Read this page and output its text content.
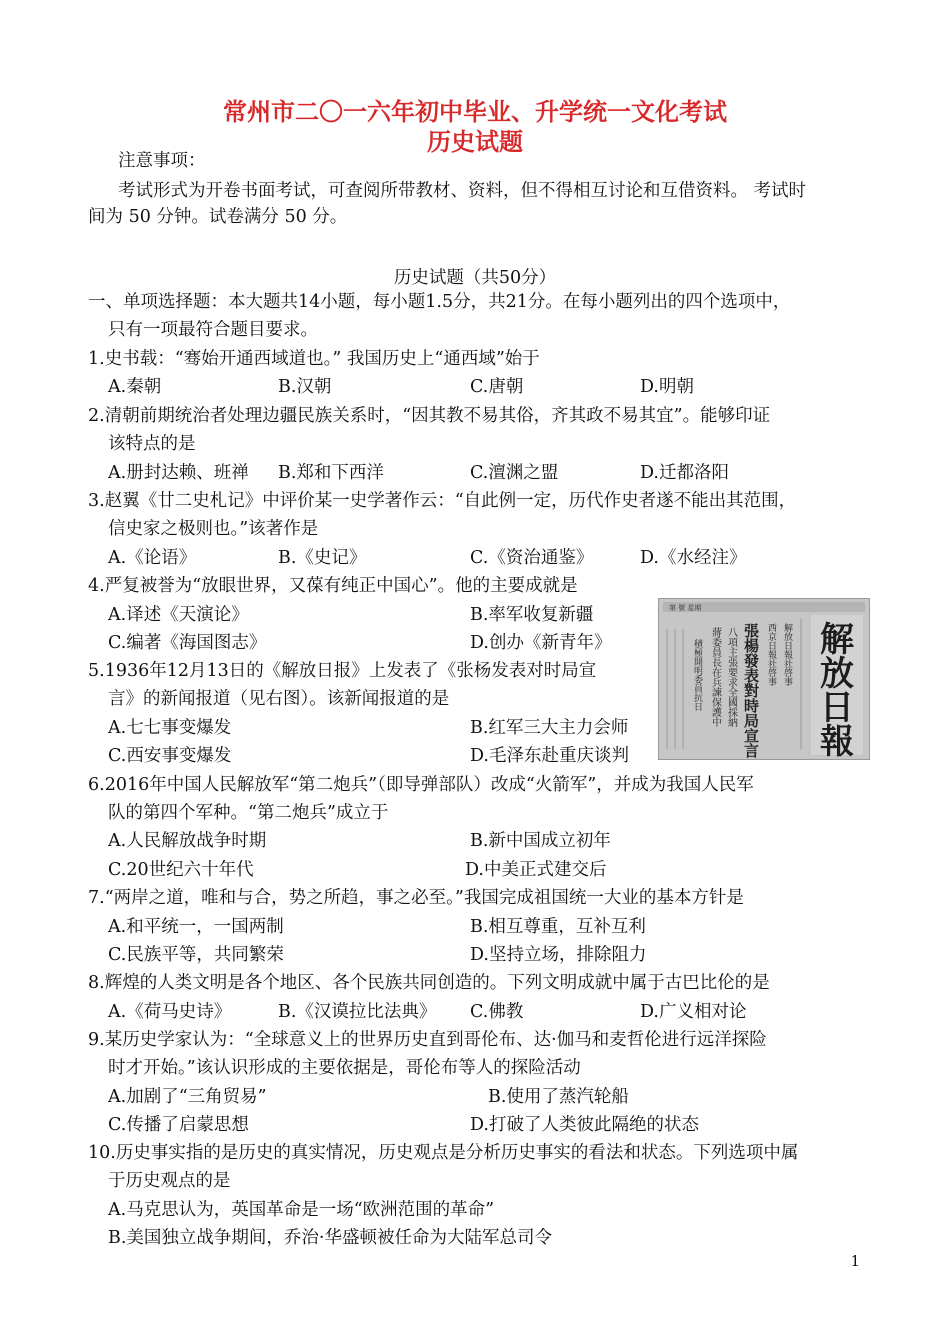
常州市二〇一六年初中毕业、升学统一文化考试
历史试题
注意事项：
考试形式为开卷书面考试，可查阅所带教材、资料，但不得相互讨论和互借资料。 考试时
间为 50 分钟。试卷满分 50 分。
历史试题（共50分）
一、单项选择题：本大题共14小题，每小题1.5分，共21分。在每小题列出的四个选项中，
只有一项最符合题目要求。
1.史书载：“骞始开通西域道也。” 我国历史上“通西域”始于
A.秦朝	B.汉朝	C.唐朝	D.明朝
2.清朝前期统治者处理边疆民族关系时，“因其教不易其俗，齐其政不易其宜”。能够印证
该特点的是
A.册封达赖、班禅 B.郑和下西洋	C.澶渊之盟	D.迁都洛阳
3.赵翼《廿二史札记》中评价某一史学著作云：“自此例一定，历代作史者遂不能出其范围，
信史家之极则也。”该著作是
A.《论语》	B.《史记》	C.《资治通鉴》	D.《水经注》
4.严复被誉为“放眼世界，又葆有纯正中国心”。他的主要成就是
A.译述《天演论》	B.率军收复新疆
C.编著《海国图志》	D.创办《新青年》
5.1936年12月13日的《解放日报》上发表了《张杨发表对时局宣
言》的新闻报道（见右图）。该新闻报道的是
A.七七事变爆发	B.红军三大主力会师
C.西安事变爆发	D.毛泽东赴重庆谈判
第 號 星期
解
放
日
報
解放日報社啓事
西京日報社啓事
張楊發表對時局宣言
八項主張要求全國採納
蔣委員長在兵諫保護中
積極開明委員抗日
6.2016年中国人民解放军“第二炮兵”（即导弹部队）改成“火箭军”，并成为我国人民军
队的第四个军种。“第二炮兵”成立于
A.人民解放战争时期	B.新中国成立初年
C.20世纪六十年代	D.中美正式建交后
7.“两岸之道，唯和与合，势之所趋，事之必至。”我国完成祖国统一大业的基本方针是
A.和平统一，一国两制	B.相互尊重，互补互利
C.民族平等，共同繁荣	D.坚持立场，排除阻力
8.辉煌的人类文明是各个地区、各个民族共同创造的。下列文明成就中属于古巴比伦的是
A.《荷马史诗》	B.《汉谟拉比法典》 C.佛教	D.广义相对论
9.某历史学家认为：“全球意义上的世界历史直到哥伦布、达·伽马和麦哲伦进行远洋探险
时才开始。”该认识形成的主要依据是，哥伦布等人的探险活动
A.加剧了“三角贸易”	B.使用了蒸汽轮船
C.传播了启蒙思想	D.打破了人类彼此隔绝的状态
10.历史事实指的是历史的真实情况，历史观点是分析历史事实的看法和状态。下列选项中属
于历史观点的是
A.马克思认为，英国革命是一场“欧洲范围的革命”
B.美国独立战争期间，乔治·华盛顿被任命为大陆军总司令
1
